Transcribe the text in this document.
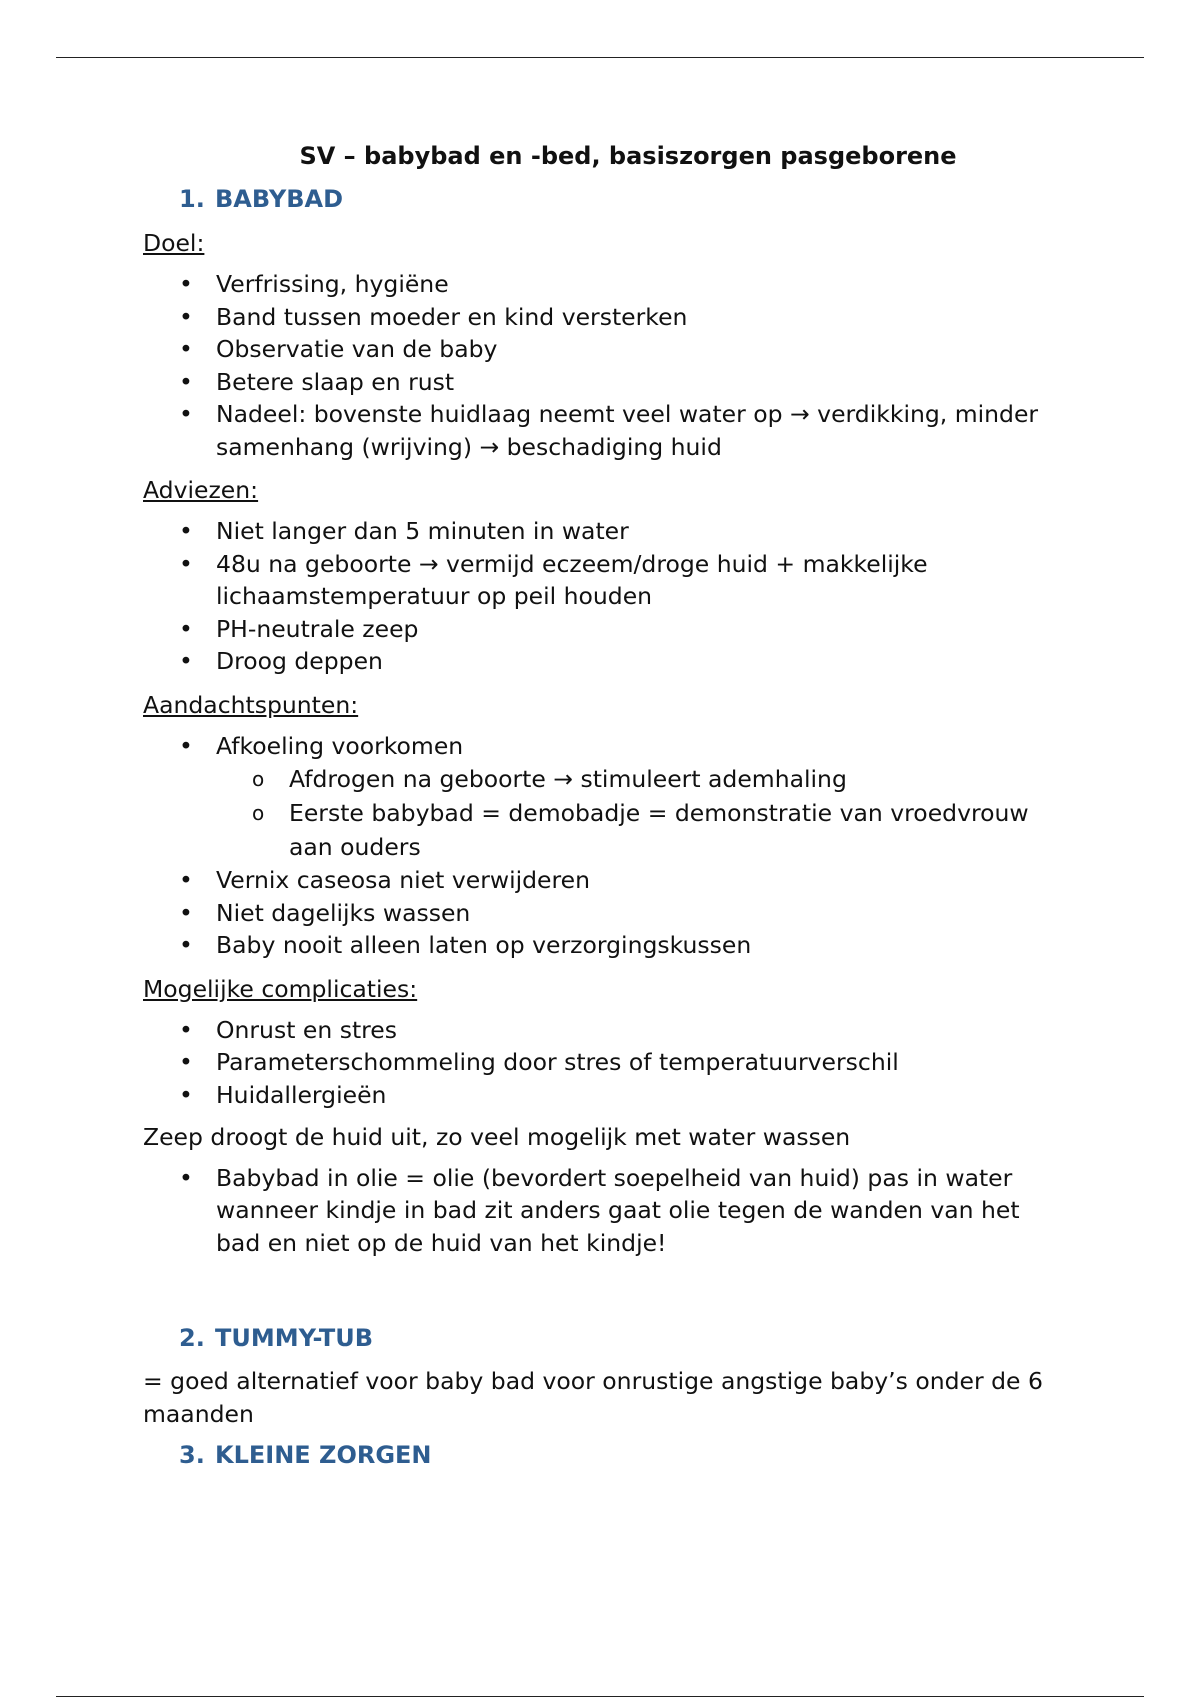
SV – babybad en -bed, basiszorgen pasgeborene
1. BABYBAD
Doel:
• Verfrissing, hygiëne
• Band tussen moeder en kind versterken
• Observatie van de baby
• Betere slaap en rust
• Nadeel: bovenste huidlaag neemt veel water op → verdikking, minder samenhang (wrijving) → beschadiging huid
Adviezen:
• Niet langer dan 5 minuten in water
• 48u na geboorte → vermijd eczeem/droge huid + makkelijke lichaamstemperatuur op peil houden
• PH-neutrale zeep
• Droog deppen
Aandachtspunten:
• Afkoeling voorkomen
o Afdrogen na geboorte → stimuleert ademhaling
o Eerste babybad = demobadje = demonstratie van vroedvrouw aan ouders
• Vernix caseosa niet verwijderen
• Niet dagelijks wassen
• Baby nooit alleen laten op verzorgingskussen
Mogelijke complicaties:
• Onrust en stres
• Parameterschommeling door stres of temperatuurverschil
• Huidallergieën
Zeep droogt de huid uit, zo veel mogelijk met water wassen
• Babybad in olie = olie (bevordert soepelheid van huid) pas in water wanneer kindje in bad zit anders gaat olie tegen de wanden van het bad en niet op de huid van het kindje!
2. TUMMY-TUB
= goed alternatief voor baby bad voor onrustige angstige baby’s onder de 6 maanden
3. KLEINE ZORGEN
